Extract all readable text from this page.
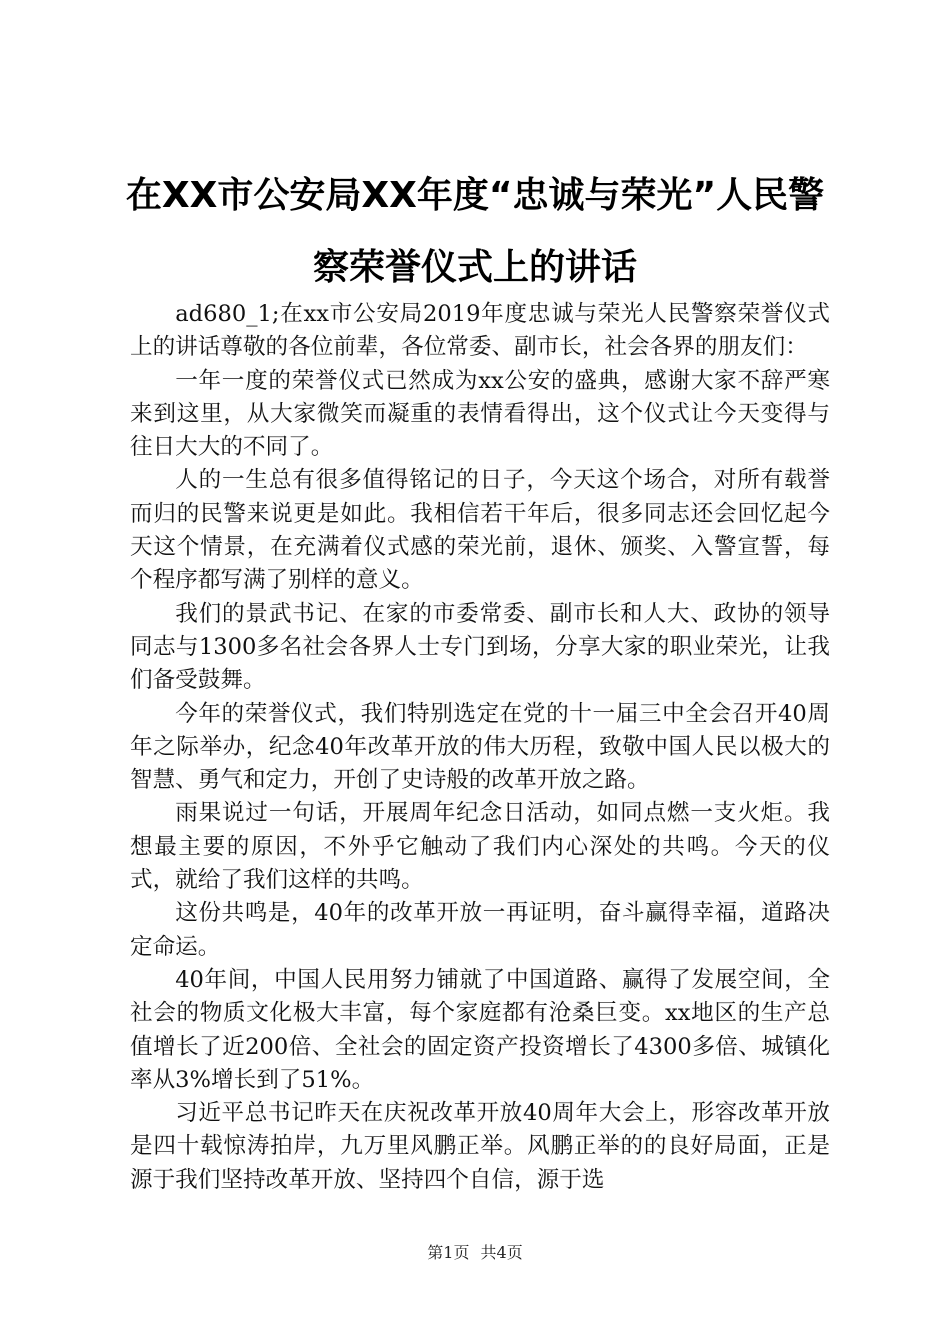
在XX市公安局XX年度“忠诚与荣光”人民警
察荣誉仪式上的讲话

ad680_1;在xx市公安局2019年度忠诚与荣光人民警察荣誉仪式上的讲话尊敬的各位前辈，各位常委、副市长，社会各界的朋友们：

一年一度的荣誉仪式已然成为xx公安的盛典，感谢大家不辞严寒来到这里，从大家微笑而凝重的表情看得出，这个仪式让今天变得与往日大大的不同了。

人的一生总有很多值得铭记的日子，今天这个场合，对所有载誉而归的民警来说更是如此。我相信若干年后，很多同志还会回忆起今天这个情景，在充满着仪式感的荣光前，退休、颁奖、入警宣誓，每个程序都写满了别样的意义。

我们的景武书记、在家的市委常委、副市长和人大、政协的领导同志与1300多名社会各界人士专门到场，分享大家的职业荣光，让我们备受鼓舞。

今年的荣誉仪式，我们特别选定在党的十一届三中全会召开40周年之际举办，纪念40年改革开放的伟大历程，致敬中国人民以极大的智慧、勇气和定力，开创了史诗般的改革开放之路。

雨果说过一句话，开展周年纪念日活动，如同点燃一支火炬。我想最主要的原因，不外乎它触动了我们内心深处的共鸣。今天的仪式，就给了我们这样的共鸣。

这份共鸣是，40年的改革开放一再证明，奋斗赢得幸福，道路决定命运。

40年间，中国人民用努力铺就了中国道路、赢得了发展空间，全社会的物质文化极大丰富，每个家庭都有沧桑巨变。xx地区的生产总值增长了近200倍、全社会的固定资产投资增长了4300多倍、城镇化率从3%增长到了51%。

习近平总书记昨天在庆祝改革开放40周年大会上，形容改革开放是四十载惊涛拍岸，九万里风鹏正举。风鹏正举的的良好局面，正是源于我们坚持改革开放、坚持四个自信，源于选

第1页 共4页
